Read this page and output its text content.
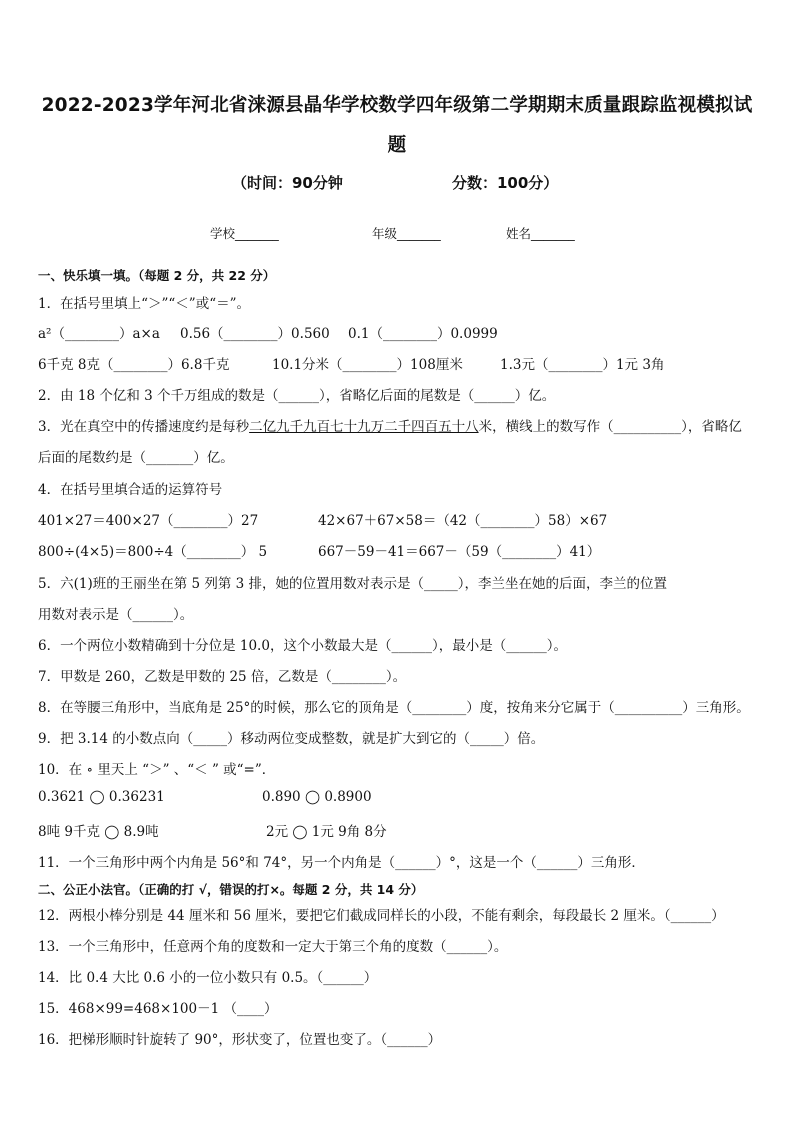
2022-2023学年河北省涞源县晶华学校数学四年级第二学期期末质量跟踪监视模拟试
题
（时间：90分钟	分数：100分）
学校_______	年级_______	姓名_______
一、快乐填一填。（每题 2 分，共 22 分）
1．在括号里填上“＞”“＜”或“＝”。
a²（________）a×a 0.56（________）0.560 0.1（________）0.0999
6千克 8克（________）6.8千克	10.1分米（________）108厘米	1.3元（________）1元 3角
2．由 18 个亿和 3 个千万组成的数是（______），省略亿后面的尾数是（______）亿。
3．光在真空中的传播速度约是每秒二亿九千九百七十九万二千四百五十八米，横线上的数写作（__________），省略亿
后面的尾数约是（_______）亿。
4．在括号里填合适的运算符号
401×27＝400×27（________）27	42×67＋67×58＝（42（________）58）×67
800÷(4×5)＝800÷4（________） 5	667－59－41＝667－（59（________）41）
5．六(1)班的王丽坐在第 5 列第 3 排，她的位置用数对表示是（_____），李兰坐在她的后面，李兰的位置
用数对表示是（______）。
6．一个两位小数精确到十分位是 10.0，这个小数最大是（______），最小是（______）。
7．甲数是 260，乙数是甲数的 25 倍，乙数是（________）。
8．在等腰三角形中，当底角是 25°的时候，那么它的顶角是（________）度，按角来分它属于（__________）三角形。
9．把 3.14 的小数点向（_____）移动两位变成整数，就是扩大到它的（_____）倍。
10．在 ∘ 里天上 “＞” 、“＜ ” 或“=”．
0.3621 ◯ 0.36231	0.890 ◯ 0.8900
8吨 9千克 ◯ 8.9吨	2元 ◯ 1元 9角 8分
11．一个三角形中两个内角是 56°和 74°，另一个内角是（______）°，这是一个（______）三角形．
二、公正小法官。（正确的打 √，错误的打×。每题 2 分，共 14 分）
12．两根小棒分别是 44 厘米和 56 厘米，要把它们截成同样长的小段，不能有剩余，每段最长 2 厘米。（______）
13．一个三角形中，任意两个角的度数和一定大于第三个角的度数（______）。
14．比 0.4 大比 0.6 小的一位小数只有 0.5。（______）
15．468×99=468×100－1 （____）
16．把梯形顺时针旋转了 90°，形状变了，位置也变了。（______）
